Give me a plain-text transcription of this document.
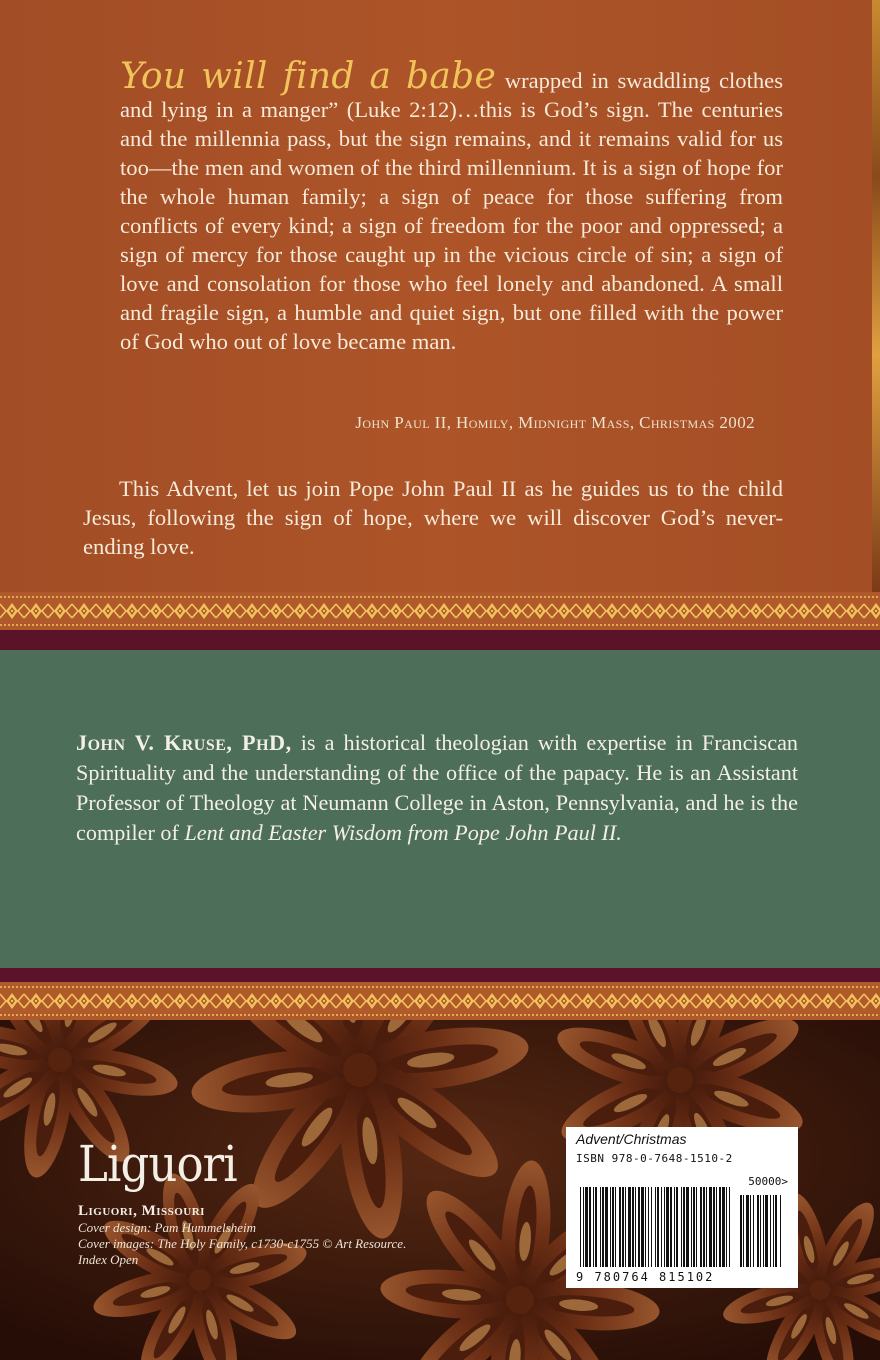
You will find a babe wrapped in swaddling clothes and lying in a manger” (Luke 2:12)…this is God’s sign. The centuries and the millennia pass, but the sign remains, and it remains valid for us too—the men and women of the third millennium. It is a sign of hope for the whole human family; a sign of peace for those suffering from conflicts of every kind; a sign of freedom for the poor and oppressed; a sign of mercy for those caught up in the vicious circle of sin; a sign of love and consolation for those who feel lonely and abandoned. A small and fragile sign, a humble and quiet sign, but one filled with the power of God who out of love became man.
John Paul II, Homily, Midnight Mass, Christmas 2002
This Advent, let us join Pope John Paul II as he guides us to the child Jesus, following the sign of hope, where we will discover God’s never-ending love.
John V. Kruse, PhD, is a historical theologian with expertise in Franciscan Spirituality and the understanding of the office of the papacy. He is an Assistant Professor of Theology at Neumann College in Aston, Pennsylvania, and he is the compiler of Lent and Easter Wisdom from Pope John Paul II.
Liguori
Liguori, Missouri
Cover design: Pam Hummelsheim
Cover images: The Holy Family, c1730-c1755 © Art Resource.
Index Open
Advent/Christmas
ISBN 978-0-7648-1510-2
50000>
9 780764 815102
